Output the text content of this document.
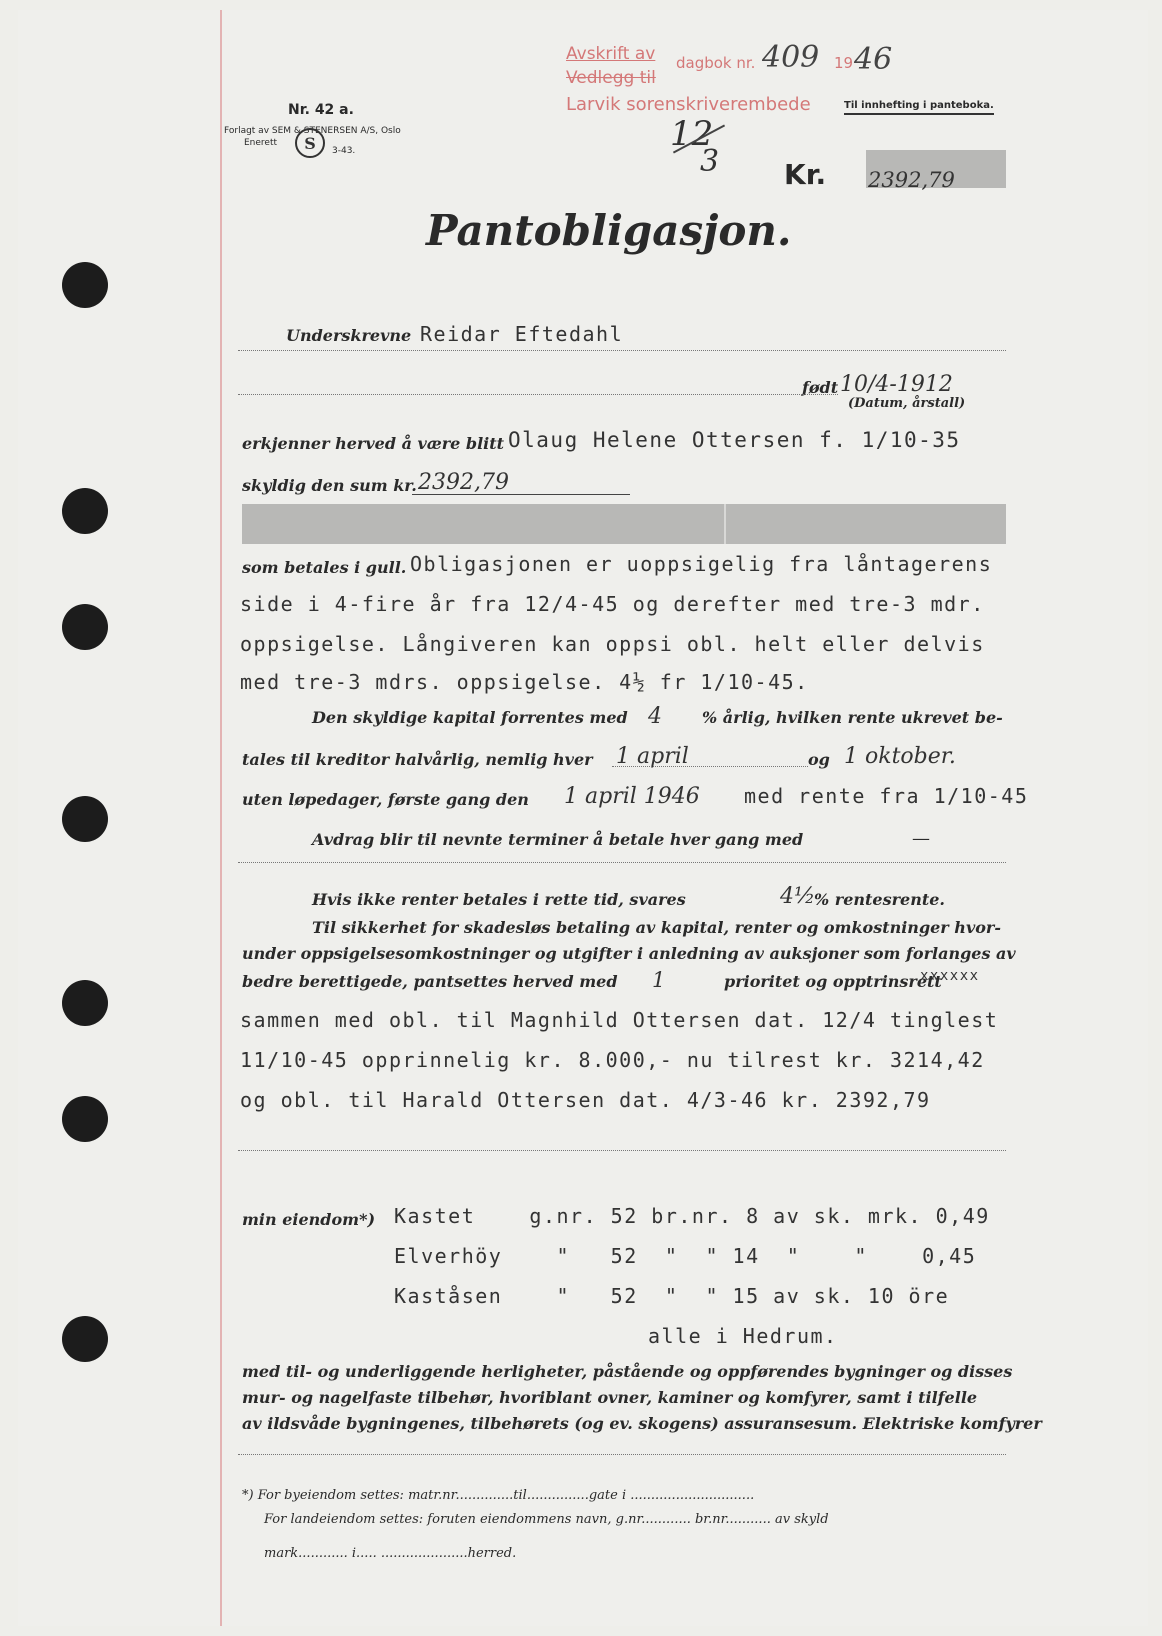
Avskrift av dagbok nr. 409 19 46
Vedlegg til
Larvik sorenskriverembede	Til innhefting i panteboka.
Nr. 42 a.
Forlagt av SEM & STENERSEN A/S, Oslo
Enerett S 3-43.	12
3 Kr. 2392,79
Pantobligasjon.
Underskrevne Reidar Eftedahl
født 10/4-1912
(Datum, årstall)
erkjenner herved å være blitt Olaug Helene Ottersen f. 1/10-35
skyldig den sum kr. 2392,79
som betales i gull. Obligasjonen er uoppsigelig fra låntagerens
side i 4-fire år fra 12/4-45 og derefter med tre-3 mdr.
oppsigelse. Långiveren kan oppsi obl. helt eller delvis
med tre-3 mdrs. oppsigelse. 4½ fr 1/10-45.
Den skyldige kapital forrentes med 4	% årlig, hvilken rente ukrevet be-
tales til kreditor halvårlig, nemlig hver 1 april	og 1 oktober.
uten løpedager, første gang den 1 april 1946 med rente fra 1/10-45
Avdrag blir til nevnte terminer å betale hver gang med	—
Hvis ikke renter betales i rette tid, svares	4½
% rentesrente.
Til sikkerhet for skadesløs betaling av kapital, renter og omkostninger hvor-
under oppsigelsesomkostninger og utgifter i anledning av auksjoner som forlanges av
bedre berettigede, pantsettes herved med 1	prioritet og opptrinsrett
xxxxxx
sammen med obl. til Magnhild Ottersen dat. 12/4 tinglest
11/10-45 opprinnelig kr. 8.000,- nu tilrest kr. 3214,42
og obl. til Harald Ottersen dat. 4/3-46 kr. 2392,79
min eiendom*) Kastet    g.nr. 52 br.nr. 8 av sk. mrk. 0,49
Elverhöy    "   52  "  " 14  "    "    0,45
Kaståsen    "   52  "  " 15 av sk. 10 öre
alle i Hedrum.
med til- og underliggende herligheter, påstående og oppførendes bygninger og disses
mur- og nagelfaste tilbehør, hvoriblant ovner, kaminer og komfyrer, samt i tilfelle
av ildsvåde bygningenes, tilbehørets (og ev. skogens) assuransesum. Elektriske komfyrer
*) For byeiendom settes: matr.nr..............til...............gate i ..............................
For landeiendom settes: foruten eiendommens navn, g.nr............ br.nr........... av skyld
mark............ i..... .....................herred.
